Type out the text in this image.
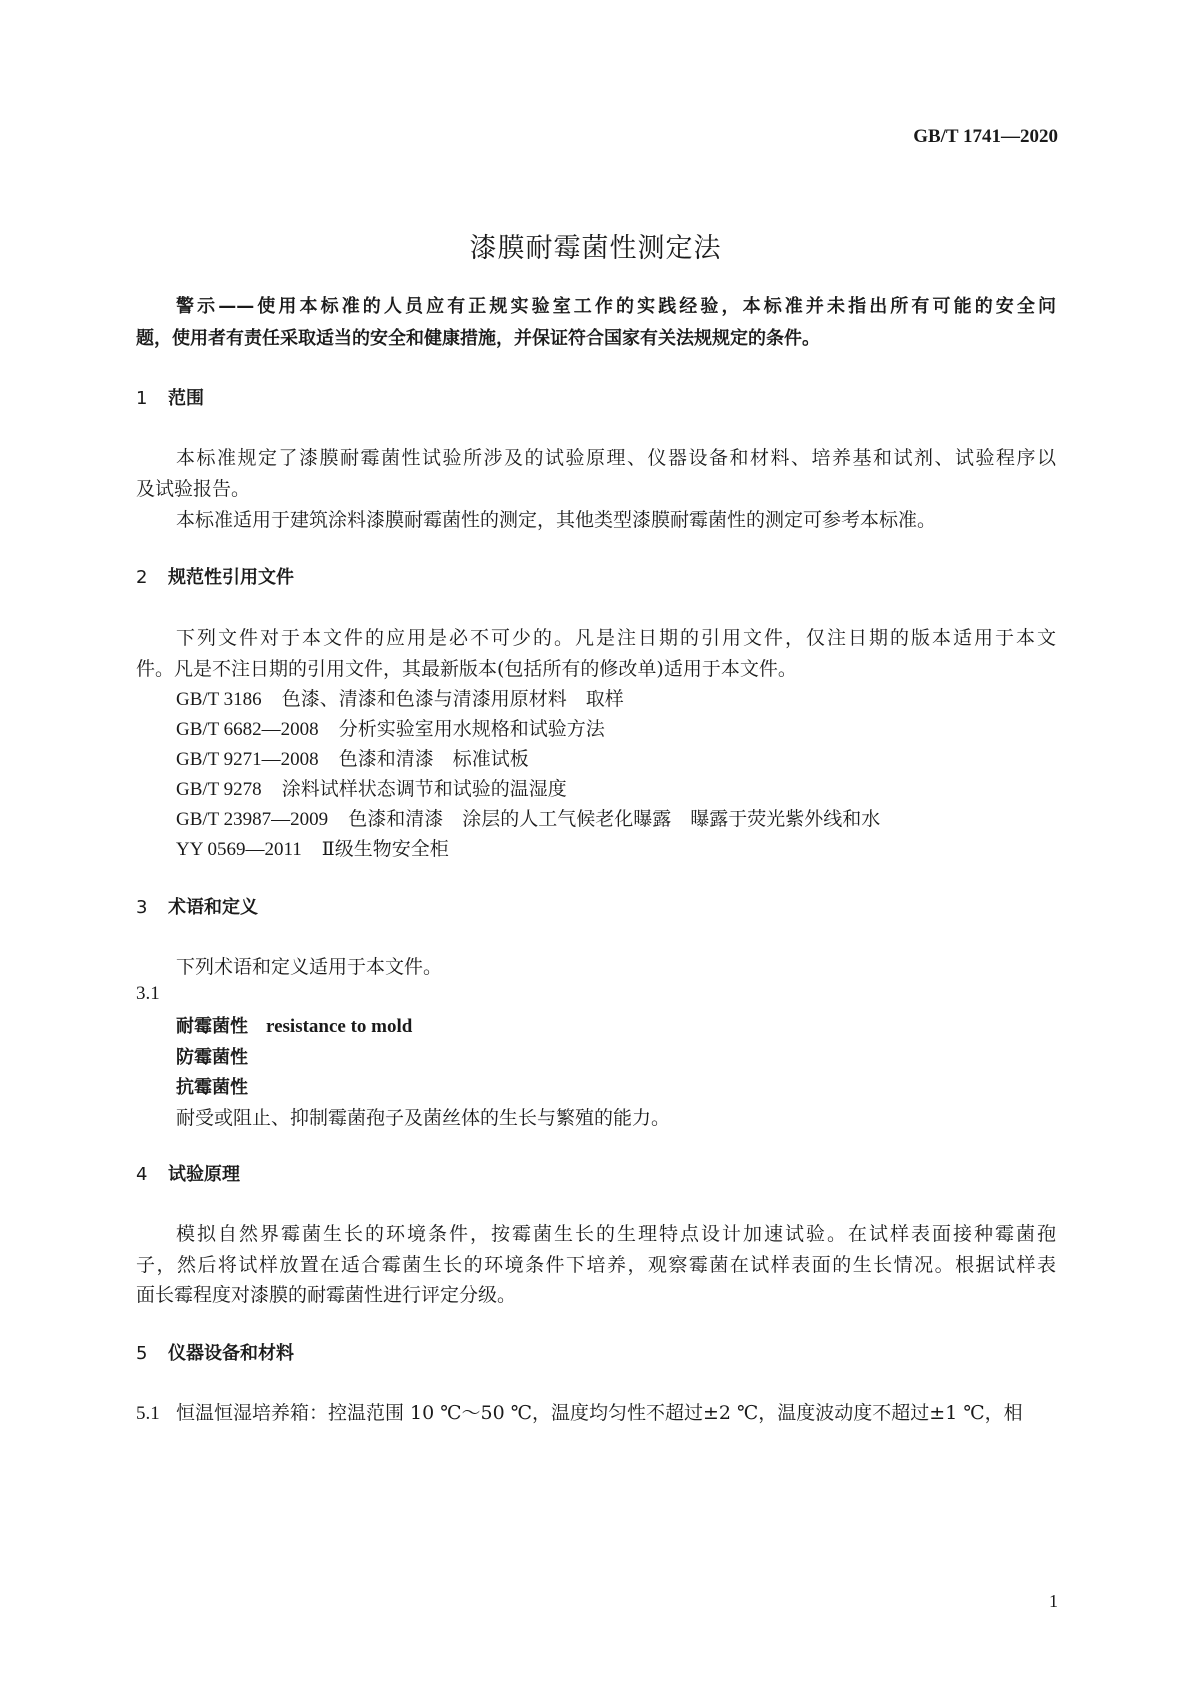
GB/T 1741—2020
漆膜耐霉菌性测定法
警示——使用本标准的人员应有正规实验室工作的实践经验，本标准并未指出所有可能的安全问
题，使用者有责任采取适当的安全和健康措施，并保证符合国家有关法规规定的条件。
1 范围
本标准规定了漆膜耐霉菌性试验所涉及的试验原理、仪器设备和材料、培养基和试剂、试验程序以
及试验报告。
本标准适用于建筑涂料漆膜耐霉菌性的测定，其他类型漆膜耐霉菌性的测定可参考本标准。
2 规范性引用文件
下列文件对于本文件的应用是必不可少的。凡是注日期的引用文件，仅注日期的版本适用于本文
件。凡是不注日期的引用文件，其最新版本(包括所有的修改单)适用于本文件。
GB/T 3186 色漆、清漆和色漆与清漆用原材料　取样
GB/T 6682—2008 分析实验室用水规格和试验方法
GB/T 9271—2008 色漆和清漆　标准试板
GB/T 9278 涂料试样状态调节和试验的温湿度
GB/T 23987—2009 色漆和清漆　涂层的人工气候老化曝露　曝露于荧光紫外线和水
YY 0569—2011 Ⅱ级生物安全柜
3 术语和定义
下列术语和定义适用于本文件。
3.1
耐霉菌性 resistance to mold
防霉菌性
抗霉菌性
耐受或阻止、抑制霉菌孢子及菌丝体的生长与繁殖的能力。
4 试验原理
模拟自然界霉菌生长的环境条件，按霉菌生长的生理特点设计加速试验。在试样表面接种霉菌孢
子，然后将试样放置在适合霉菌生长的环境条件下培养，观察霉菌在试样表面的生长情况。根据试样表
面长霉程度对漆膜的耐霉菌性进行评定分级。
5 仪器设备和材料
5.1 恒温恒湿培养箱：控温范围 10 ℃～50 ℃，温度均匀性不超过±2 ℃，温度波动度不超过±1 ℃，相
1
